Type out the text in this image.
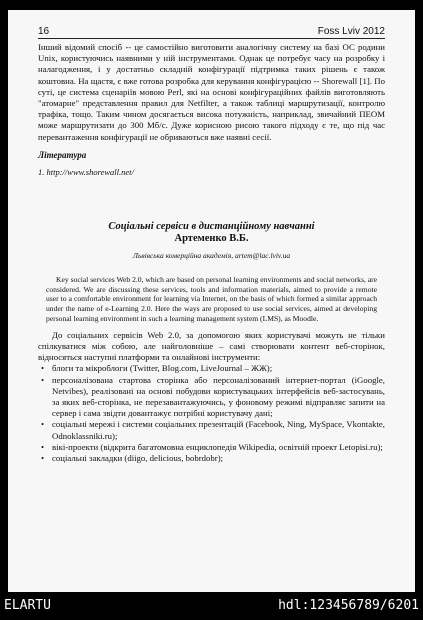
16	Foss Lviv 2012

Інший відомий спосіб -- це самостійно виготовити аналогічну систему на базі ОС родини Unix, користуючись наявними у ній інструментами. Однак це потребує часу на розробку і налагодження, і у достатньо складній конфігурації підтримка таких рішень є також коштовна. На щастя, є вже готова розробка для керування конфігурацією -- Shorewall [1]. По суті, це система сценаріїв мовою Perl, які на основі конфігураційних файлів виготовляють "атомарне" представлення правил для Netfilter, а також таблиці маршрутизації, контролю трафіка, тощо. Таким чином досягається висока потужність, наприклад, звичайний ПЕОМ може маршрутизати до 300 Мб/с. Дуже корисною рисою такого підходу є те, що під час перевантаження конфігурації не обриваються вже наявні сесії.

Література

1. http://www.shorewall.net/

Соціальні сервіси в дистанційному навчанні
Артеменко В.Б.
Львівська комерційна академія, artem@lac.lviv.ua

Key social services Web 2.0, which are based on personal learning environments and social networks, are considered. We are discussing these services, tools and information materials, aimed to provide a remote user to a comfortable environment for learning via Internet, on the basis of which formed a similar approach under the name of e-Learning 2.0. Here the ways are proposed to use social services, aimed at developing personal learning environment in such a learning management system (LMS), as Moodle.

До соціальних сервісів Web 2.0, за допомогою яких користувачі можуть не тільки спілкуватися між собою, але найголовніше – самі створювати контент веб-сторінок, відносяться наступні платформи та онлайнові інструменти:

• блоги та мікроблоги (Twitter, Blog.com, LiveJournal – ЖЖ);
• персоналізована стартова сторінка або персоналізований інтернет-портал (iGoogle, Netvibes), реалізовані на основі побудови користувацьких інтерфейсів веб-застосувань, за яких веб-сторінка, не перезавантажуючись, у фоновому режимі відправляє запити на сервер і сама звідти довантажує потрібні користувачу дані;
• соціальні мережі і системи соціальних презентацій (Facebook, Ning, MySpace, Vkontakte, Odnoklassniki.ru);
• вікі-проекти (відкрита багатомовна енциклопедія Wikipedia, освітній проект Letopisi.ru);
• соціальні закладки (diigo, delicious, bobrdobr);
ELARTU	hdl:123456789/6201
